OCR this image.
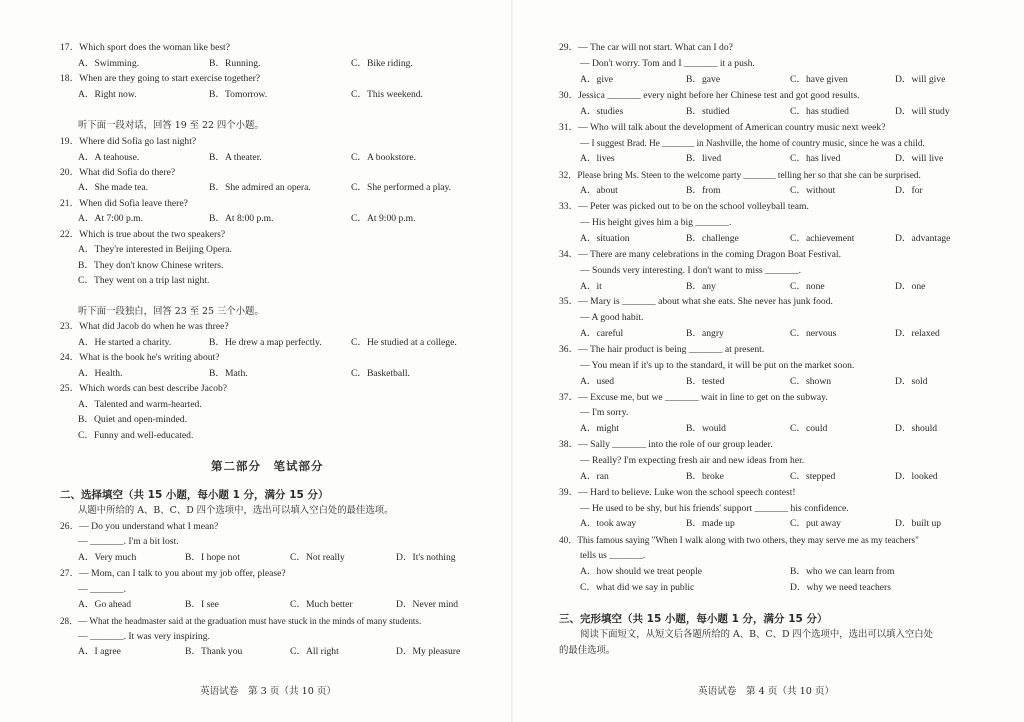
17．Which sport does the woman like best?
A．Swimming.	B．Running.	C．Bike riding.
18．When are they going to start exercise together?
A．Right now.	B．Tomorrow.	C．This weekend.
听下面一段对话，回答 19 至 22 四个小题。
19．Where did Sofia go last night?
A．A teahouse.	B．A theater.	C．A bookstore.
20．What did Sofia do there?
A．She made tea.	B．She admired an opera.	C．She performed a play.
21．When did Sofia leave there?
A．At 7:00 p.m.	B．At 8:00 p.m.	C．At 9:00 p.m.
22．Which is true about the two speakers?
A．They're interested in Beijing Opera.
B．They don't know Chinese writers.
C．They went on a trip last night.
听下面一段独白，回答 23 至 25 三个小题。
23．What did Jacob do when he was three?
A．He started a charity.	B．He drew a map perfectly.	C．He studied at a college.
24．What is the book he's writing about?
A．Health.	B．Math.	C．Basketball.
25．Which words can best describe Jacob?
A．Talented and warm-hearted.
B．Quiet and open-minded.
C．Funny and well-educated.
第二部分　笔试部分
二、选择填空（共 15 小题，每小题 1 分，满分 15 分）
从题中所给的 A、B、C、D 四个选项中，选出可以填入空白处的最佳选项。
26．— Do you understand what I mean?
— _______. I'm a bit lost.
A．Very much	B．I hope not	C．Not really	D．It's nothing
27．— Mom, can I talk to you about my job offer, please?
— _______.
A．Go ahead	B．I see	C．Much better	D．Never mind
28．— What the headmaster said at the graduation must have stuck in the minds of many students.
— _______. It was very inspiring.
A．I agree	B．Thank you	C．All right	D．My pleasure
英语试卷　第 3 页（共 10 页）
29．— The car will not start. What can I do?
— Don't worry. Tom and I _______ it a push.
A．give	B．gave	C．have given	D．will give
30．Jessica _______ every night before her Chinese test and got good results.
A．studies	B．studied	C．has studied	D．will study
31．— Who will talk about the development of American country music next week?
— I suggest Brad. He _______ in Nashville, the home of country music, since he was a child.
A．lives	B．lived	C．has lived	D．will live
32．Please bring Ms. Steen to the welcome party _______ telling her so that she can be surprised.
A．about	B．from	C．without	D．for
33．— Peter was picked out to be on the school volleyball team.
— His height gives him a big _______.
A．situation	B．challenge	C．achievement	D．advantage
34．— There are many celebrations in the coming Dragon Boat Festival.
— Sounds very interesting. I don't want to miss _______.
A．it	B．any	C．none	D．one
35．— Mary is _______ about what she eats. She never has junk food.
— A good habit.
A．careful	B．angry	C．nervous	D．relaxed
36．— The hair product is being _______ at present.
— You mean if it's up to the standard, it will be put on the market soon.
A．used	B．tested	C．shown	D．sold
37．— Excuse me, but we _______ wait in line to get on the subway.
— I'm sorry.
A．might	B．would	C．could	D．should
38．— Sally _______ into the role of our group leader.
— Really? I'm expecting fresh air and new ideas from her.
A．ran	B．broke	C．stepped	D．looked
39．— Hard to believe. Luke won the school speech contest!
— He used to be shy, but his friends' support _______ his confidence.
A．took away	B．made up	C．put away	D．built up
40．This famous saying "When I walk along with two others, they may serve me as my teachers"
tells us _______.
A．how should we treat people	B．who we can learn from
C．what did we say in public	D．why we need teachers
三、完形填空（共 15 小题，每小题 1 分，满分 15 分）
阅读下面短文，从短文后各题所给的 A、B、C、D 四个选项中，选出可以填入空白处
的最佳选项。
英语试卷　第 4 页（共 10 页）
